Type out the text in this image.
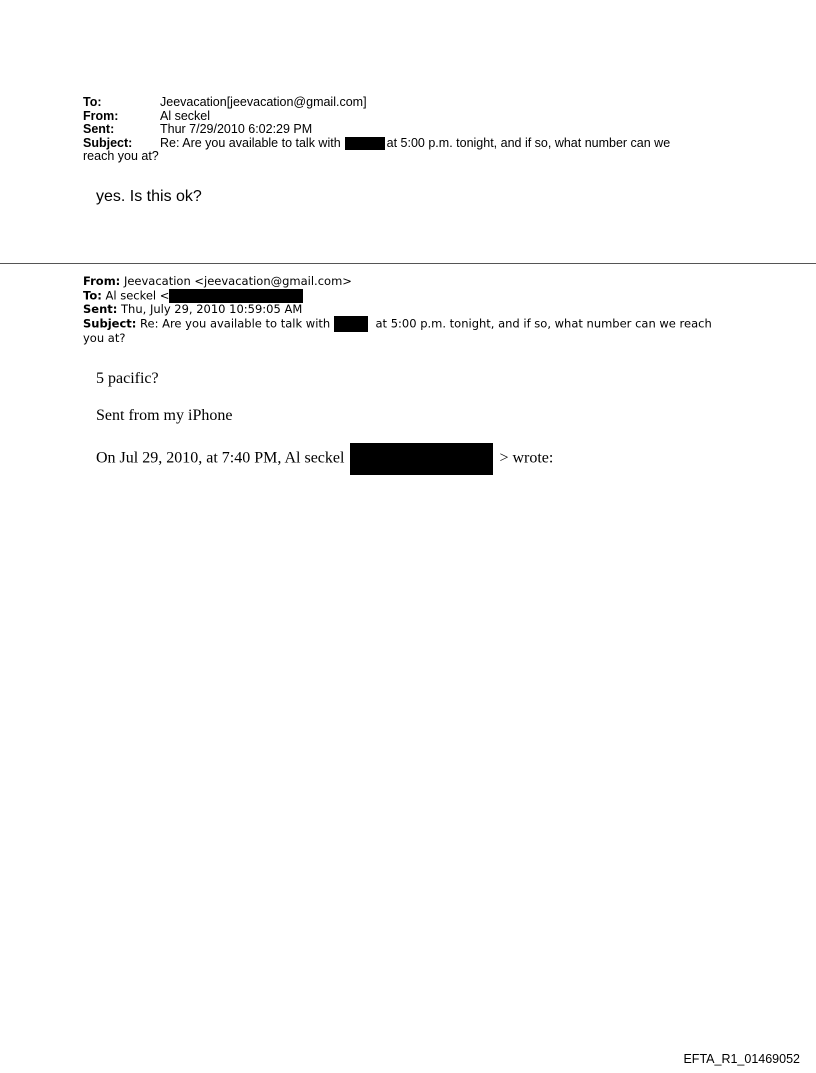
To:	Jeevacation[jeevacation@gmail.com]
From:	Al seckel
Sent:	Thur 7/29/2010 6:02:29 PM
Subject:	Re: Are you available to talk with	at 5:00 p.m. tonight, and if so, what number can we
reach you at?
yes. Is this ok?
From: Jeevacation <jeevacation@gmail.com>
To: Al seckel <
Sent: Thu, July 29, 2010 10:59:05 AM
Subject: Re: Are you available to talk with	at 5:00 p.m. tonight, and if so, what number can we reach
you at?
5 pacific?
Sent from my iPhone
On Jul 29, 2010, at 7:40 PM, Al seckel	> wrote:
EFTA_R1_01469052
